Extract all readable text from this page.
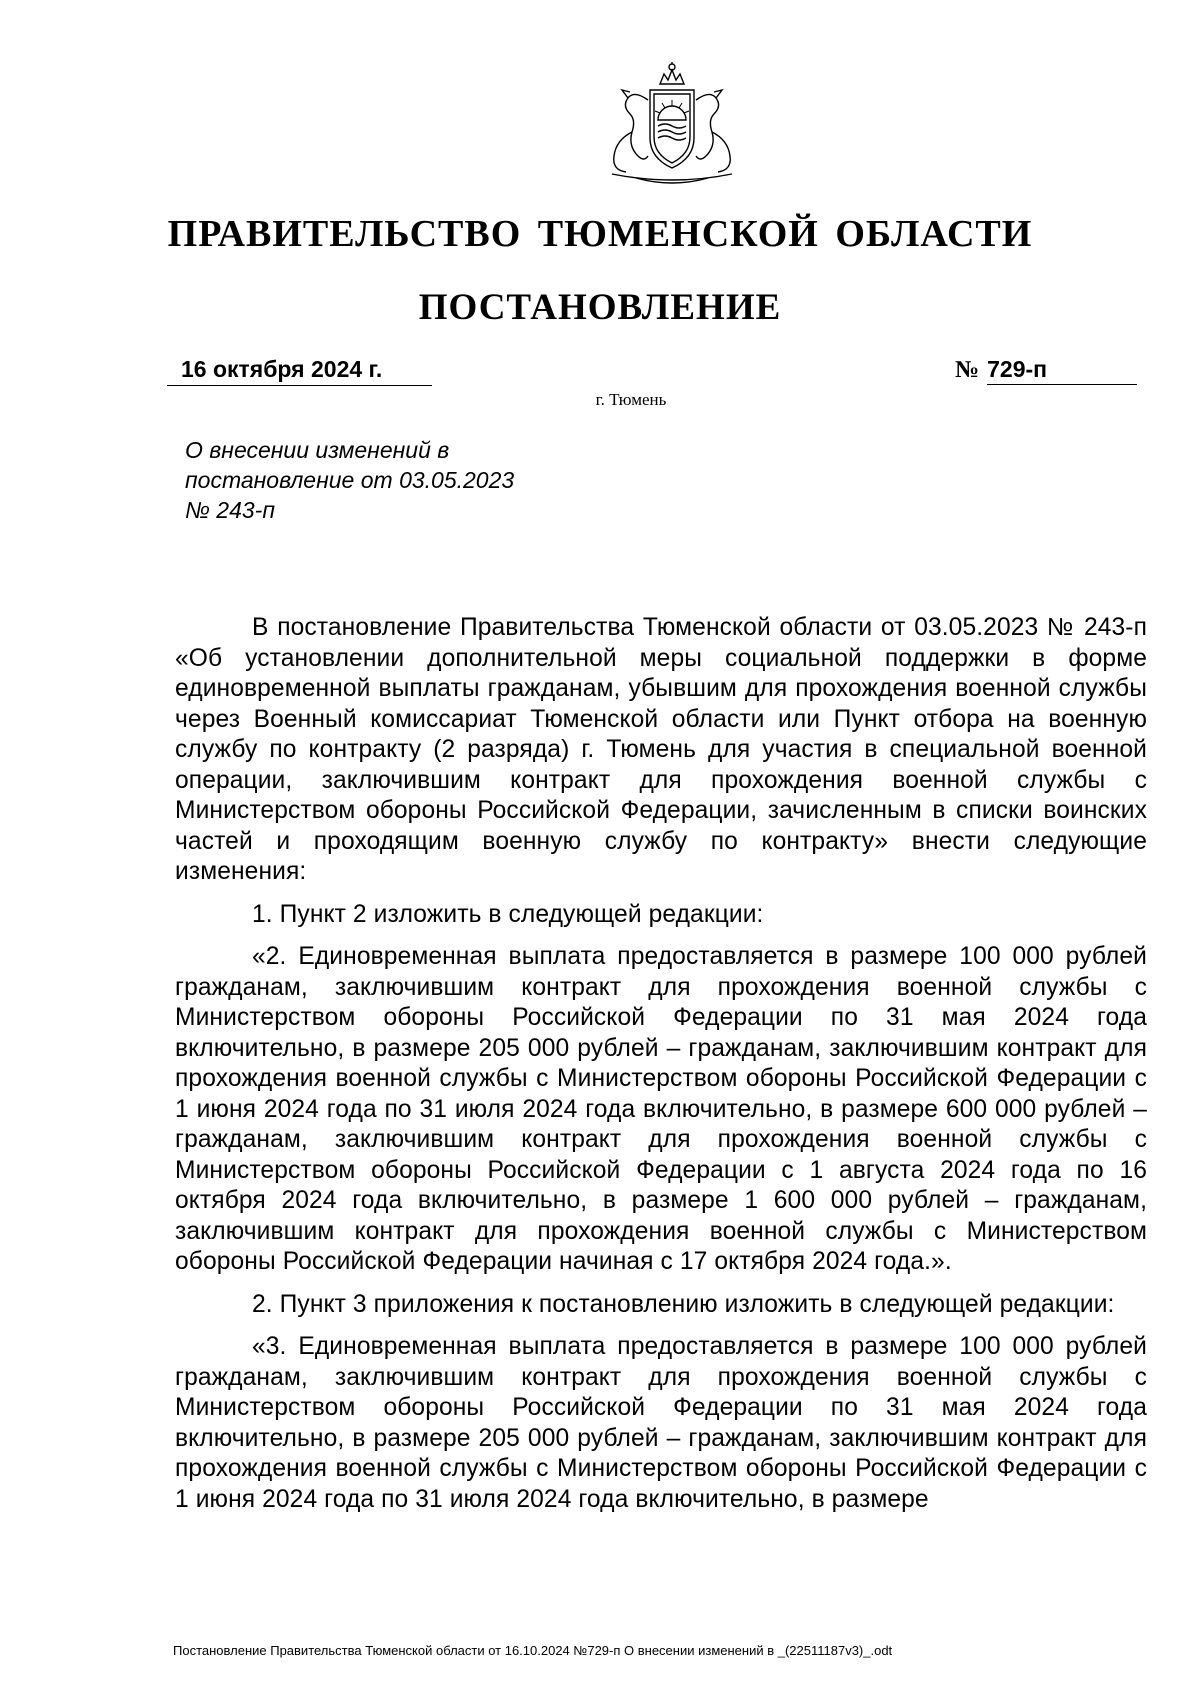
ПРАВИТЕЛЬСТВО ТЮМЕНСКОЙ ОБЛАСТИ
ПОСТАНОВЛЕНИЕ
16 октября 2024 г.	№ 729-п
г. Тюмень
О внесении изменений в
постановление от 03.05.2023
№ 243-п

В постановление Правительства Тюменской области от 03.05.2023 № 243-п «Об установлении дополнительной меры социальной поддержки в форме единовременной выплаты гражданам, убывшим для прохождения военной службы через Военный комиссариат Тюменской области или Пункт отбора на военную службу по контракту (2 разряда) г. Тюмень для участия в специальной военной операции, заключившим контракт для прохождения военной службы с Министерством обороны Российской Федерации, зачисленным в списки воинских частей и проходящим военную службу по контракту» внести следующие изменения:

1. Пункт 2 изложить в следующей редакции:

«2. Единовременная выплата предоставляется в размере 100 000 рублей гражданам, заключившим контракт для прохождения военной службы с Министерством обороны Российской Федерации по 31 мая 2024 года включительно, в размере 205 000 рублей – гражданам, заключившим контракт для прохождения военной службы с Министерством обороны Российской Федерации с 1 июня 2024 года по 31 июля 2024 года включительно, в размере 600 000 рублей – гражданам, заключившим контракт для прохождения военной службы с Министерством обороны Российской Федерации с 1 августа 2024 года по 16 октября 2024 года включительно, в размере 1 600 000 рублей – гражданам, заключившим контракт для прохождения военной службы с Министерством обороны Российской Федерации начиная с 17 октября 2024 года.».

2. Пункт 3 приложения к постановлению изложить в следующей редакции:

«3. Единовременная выплата предоставляется в размере 100 000 рублей гражданам, заключившим контракт для прохождения военной службы с Министерством обороны Российской Федерации по 31 мая 2024 года включительно, в размере 205 000 рублей – гражданам, заключившим контракт для прохождения военной службы с Министерством обороны Российской Федерации с 1 июня 2024 года по 31 июля 2024 года включительно, в размере

Постановление Правительства Тюменской области от 16.10.2024 №729-п О внесении изменений в _(22511187v3)_.odt
